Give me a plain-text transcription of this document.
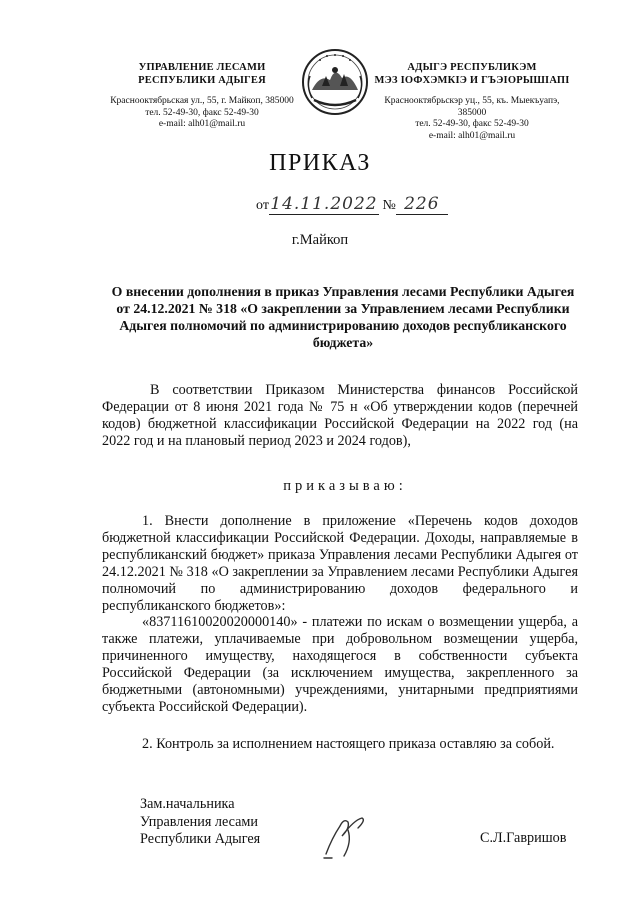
УПРАВЛЕНИЕ ЛЕСАМИ
РЕСПУБЛИКИ АДЫГЕЯ
Краснооктябрьская ул., 55, г. Майкоп, 385000
тел. 52-49-30, факс 52-49-30
e-mail: alh01@mail.ru
АДЫГЭ РЕСПУБЛИКЭМ
МЭЗ ІОФХЭМКІЭ И ГЪЭІОРЫШІАПІ
Краснооктябрьскэр уц., 55, къ. Мыекъуапэ, 385000
тел. 52-49-30, факс 52-49-30
e-mail: alh01@mail.ru
ПРИКАЗ
от14.11.2022 № 226
г.Майкоп
О внесении дополнения в приказ Управления лесами Республики Адыгея от 24.12.2021 № 318 «О закреплении за Управлением лесами Республики Адыгея полномочий по администрированию доходов республиканского бюджета»
В соответствии Приказом Министерства финансов Российской Федерации от 8 июня 2021 года № 75 н «Об утверждении кодов (перечней кодов) бюджетной классификации Российской Федерации на 2022 год (на 2022 год и на плановый период 2023 и 2024 годов),
приказываю:
1. Внести дополнение в приложение «Перечень кодов доходов бюджетной классификации Российской Федерации. Доходы, направляемые в республиканский бюджет» приказа Управления лесами Республики Адыгея от 24.12.2021 № 318 «О закреплении за Управлением лесами Республики Адыгея полномочий по администрированию доходов федерального и республиканского бюджетов»:
«83711610020020000140» - платежи по искам о возмещении ущерба, а также платежи, уплачиваемые при добровольном возмещении ущерба, причиненного имуществу, находящегося в собственности субъекта Российской Федерации (за исключением имущества, закрепленного за бюджетными (автономными) учреждениями, унитарными предприятиями субъекта Российской Федерации).
2. Контроль за исполнением настоящего приказа оставляю за собой.
Зам.начальника
Управления лесами
Республики Адыгея	С.Л.Гавришов
